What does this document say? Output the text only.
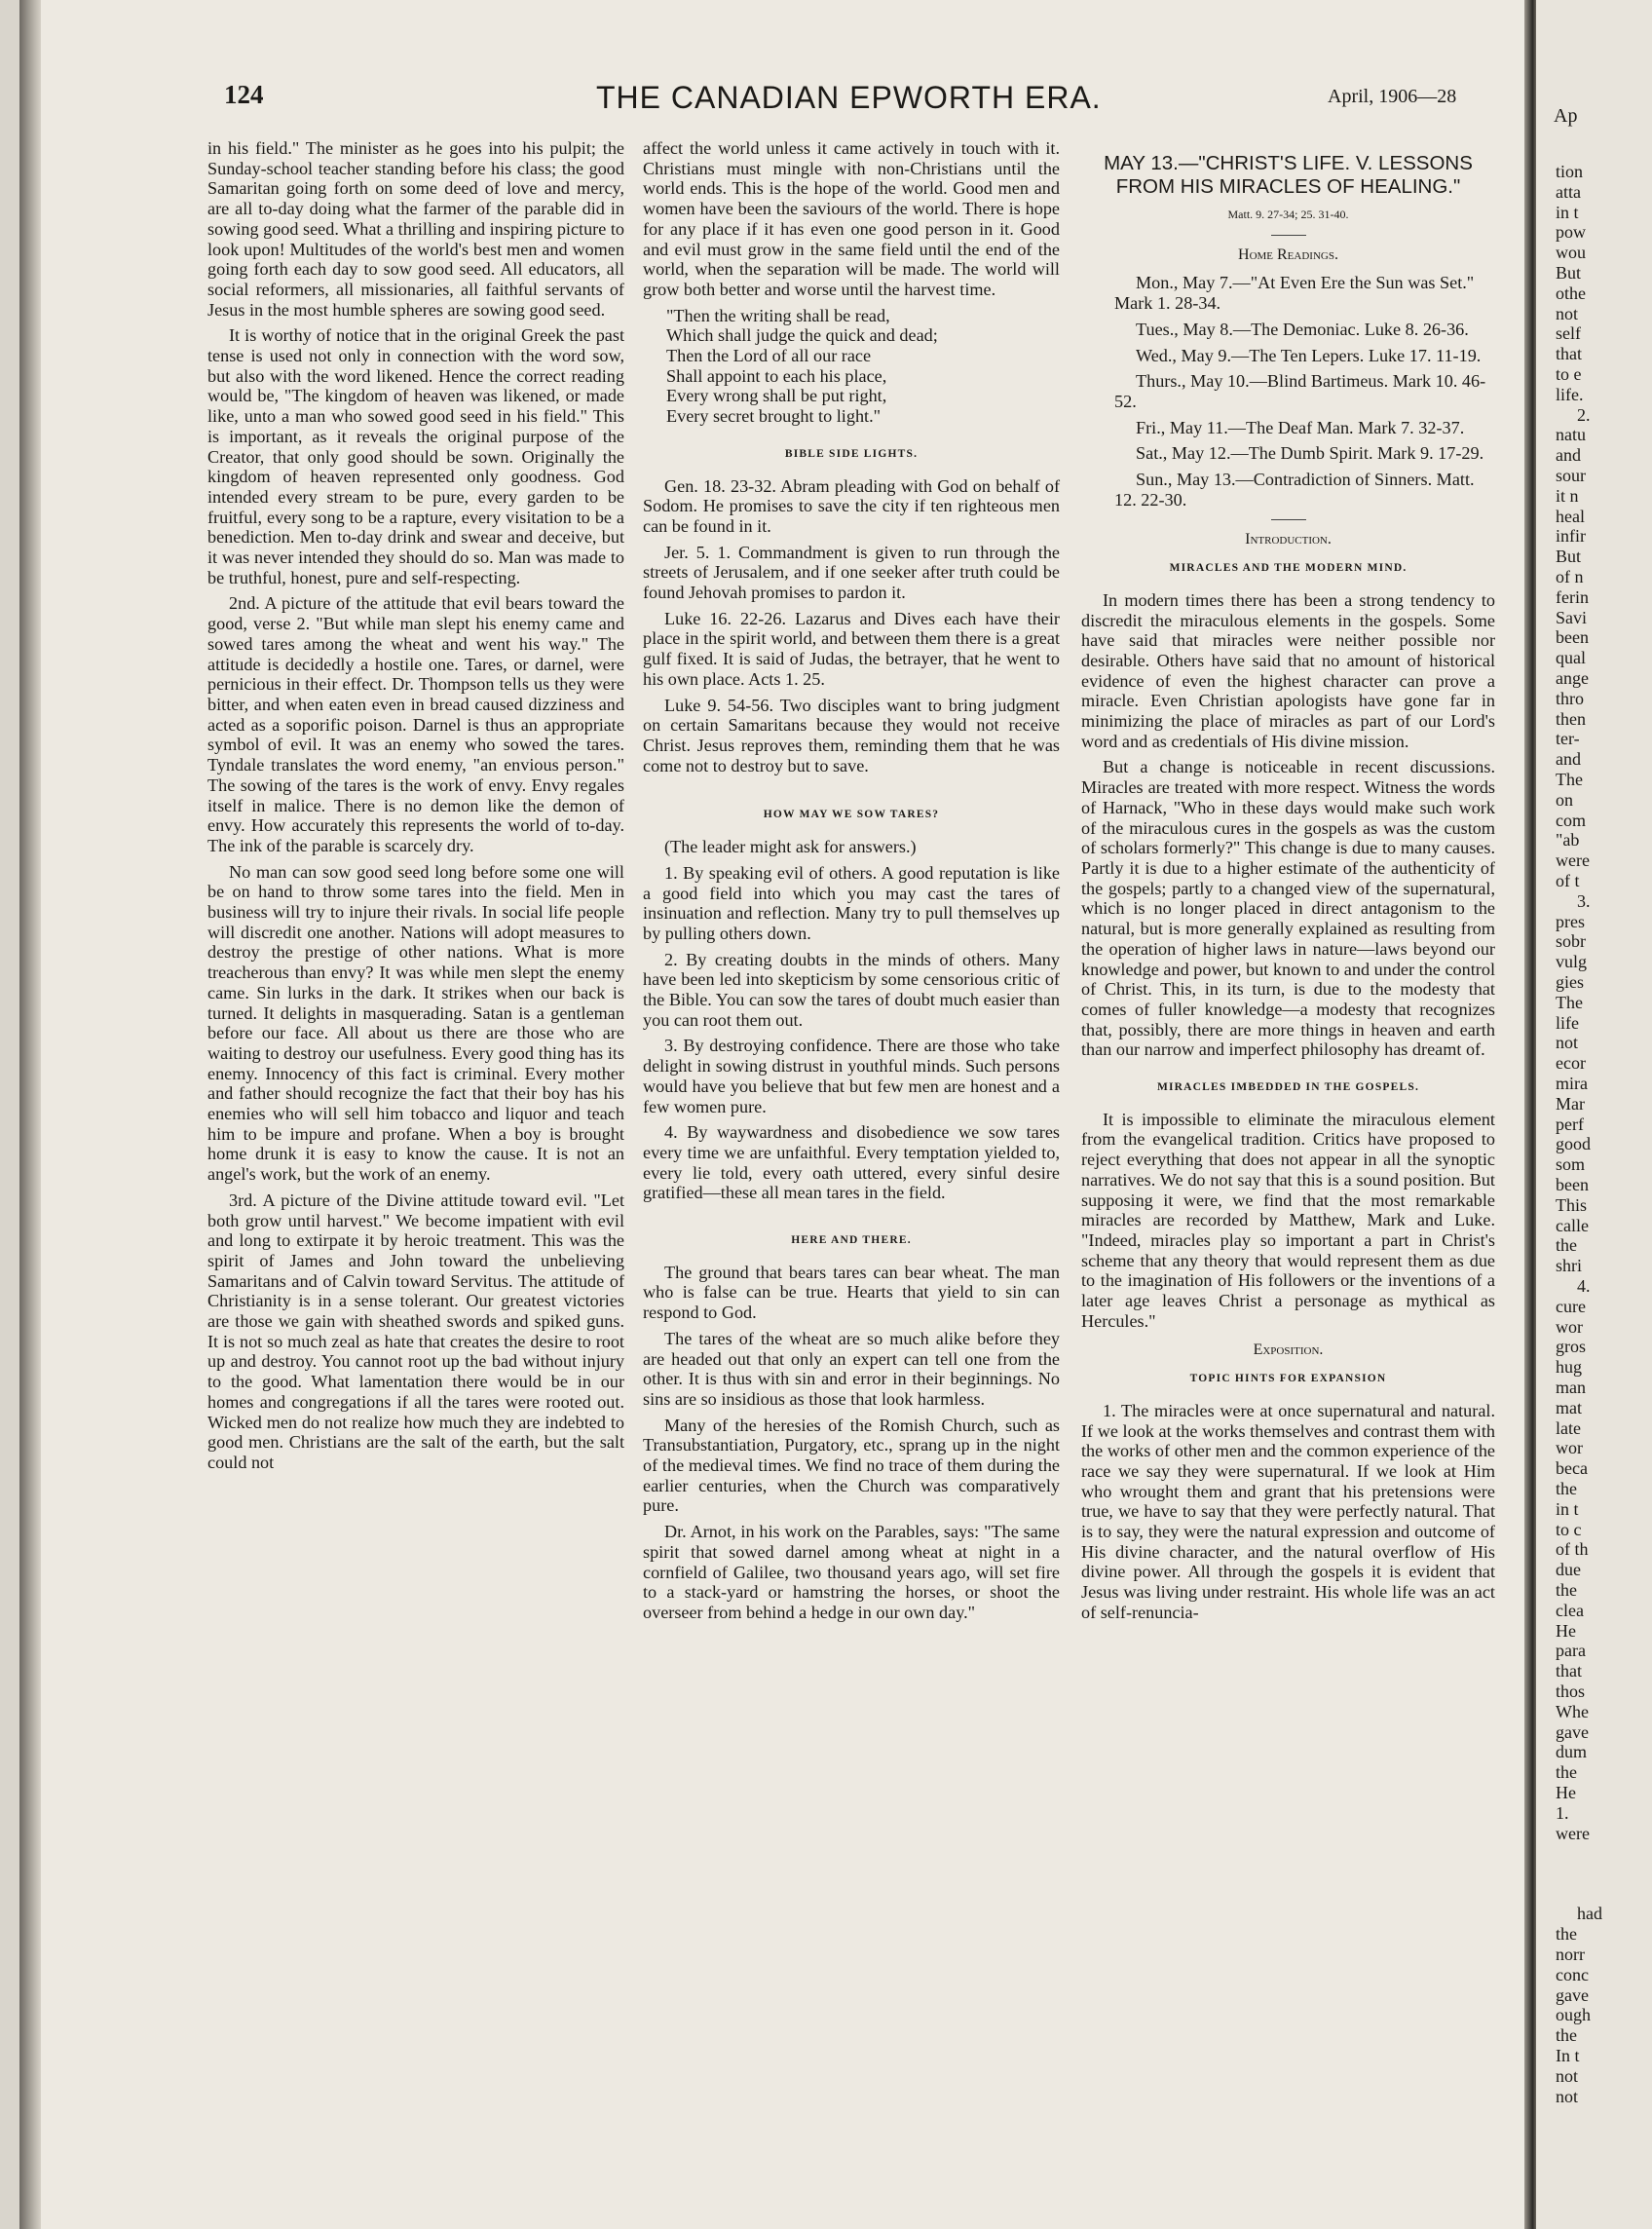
124	THE CANADIAN EPWORTH ERA.	April, 1906—28

in his field." The minister as he goes into his pulpit; the Sunday-school teacher standing before his class; the good Samaritan going forth on some deed of love and mercy, are all to-day doing what the farmer of the parable did in sowing good seed. What a thrilling and inspiring picture to look upon! Multitudes of the world's best men and women going forth each day to sow good seed. All educators, all social reformers, all missionaries, all faithful servants of Jesus in the most humble spheres are sowing good seed.

It is worthy of notice that in the original Greek the past tense is used not only in connection with the word sow, but also with the word likened. Hence the correct reading would be, "The kingdom of heaven was likened, or made like, unto a man who sowed good seed in his field." This is important, as it reveals the original purpose of the Creator, that only good should be sown. Originally the kingdom of heaven represented only goodness. God intended every stream to be pure, every garden to be fruitful, every song to be a rapture, every visitation to be a benediction. Men to-day drink and swear and deceive, but it was never intended they should do so. Man was made to be truthful, honest, pure and self-respecting.

2nd. A picture of the attitude that evil bears toward the good, verse 2. "But while man slept his enemy came and sowed tares among the wheat and went his way." The attitude is decidedly a hostile one. Tares, or darnel, were pernicious in their effect. Dr. Thompson tells us they were bitter, and when eaten even in bread caused dizziness and acted as a soporific poison. Darnel is thus an appropriate symbol of evil. It was an enemy who sowed the tares. Tyndale translates the word enemy, "an envious person." The sowing of the tares is the work of envy. Envy regales itself in malice. There is no demon like the demon of envy. How accurately this represents the world of to-day. The ink of the parable is scarcely dry.

No man can sow good seed long before some one will be on hand to throw some tares into the field. Men in business will try to injure their rivals. In social life people will discredit one another. Nations will adopt measures to destroy the prestige of other nations. What is more treacherous than envy? It was while men slept the enemy came. Sin lurks in the dark. It strikes when our back is turned. It delights in masquerading. Satan is a gentleman before our face. All about us there are those who are waiting to destroy our usefulness. Every good thing has its enemy. Innocency of this fact is criminal. Every mother and father should recognize the fact that their boy has his enemies who will sell him tobacco and liquor and teach him to be impure and profane. When a boy is brought home drunk it is easy to know the cause. It is not an angel's work, but the work of an enemy.

3rd. A picture of the Divine attitude toward evil. "Let both grow until harvest." We become impatient with evil and long to extirpate it by heroic treatment. This was the spirit of James and John toward the unbelieving Samaritans and of Calvin toward Servitus. The attitude of Christianity is in a sense tolerant. Our greatest victories are those we gain with sheathed swords and spiked guns. It is not so much zeal as hate that creates the desire to root up and destroy. You cannot root up the bad without injury to the good. What lamentation there would be in our homes and congregations if all the tares were rooted out. Wicked men do not realize how much they are indebted to good men. Christians are the salt of the earth, but the salt could not

affect the world unless it came actively in touch with it. Christians must mingle with non-Christians until the world ends. This is the hope of the world. Good men and women have been the saviours of the world. There is hope for any place if it has even one good person in it. Good and evil must grow in the same field until the end of the world, when the separation will be made. The world will grow both better and worse until the harvest time.

"Then the writing shall be read,
Which shall judge the quick and dead;
Then the Lord of all our race
Shall appoint to each his place,
Every wrong shall be put right,
Every secret brought to light."
BIBLE SIDE LIGHTS.

Gen. 18. 23-32. Abram pleading with God on behalf of Sodom. He promises to save the city if ten righteous men can be found in it.

Jer. 5. 1. Commandment is given to run through the streets of Jerusalem, and if one seeker after truth could be found Jehovah promises to pardon it.

Luke 16. 22-26. Lazarus and Dives each have their place in the spirit world, and between them there is a great gulf fixed. It is said of Judas, the betrayer, that he went to his own place. Acts 1. 25.

Luke 9. 54-56. Two disciples want to bring judgment on certain Samaritans because they would not receive Christ. Jesus reproves them, reminding them that he was come not to destroy but to save.

HOW MAY WE SOW TARES?

(The leader might ask for answers.)

1. By speaking evil of others. A good reputation is like a good field into which you may cast the tares of insinuation and reflection. Many try to pull themselves up by pulling others down.

2. By creating doubts in the minds of others. Many have been led into skepticism by some censorious critic of the Bible. You can sow the tares of doubt much easier than you can root them out.

3. By destroying confidence. There are those who take delight in sowing distrust in youthful minds. Such persons would have you believe that but few men are honest and a few women pure.

4. By waywardness and disobedience we sow tares every time we are unfaithful. Every temptation yielded to, every lie told, every oath uttered, every sinful desire gratified—these all mean tares in the field.

HERE AND THERE.

The ground that bears tares can bear wheat. The man who is false can be true. Hearts that yield to sin can respond to God.

The tares of the wheat are so much alike before they are headed out that only an expert can tell one from the other. It is thus with sin and error in their beginnings. No sins are so insidious as those that look harmless.

Many of the heresies of the Romish Church, such as Transubstantiation, Purgatory, etc., sprang up in the night of the medieval times. We find no trace of them during the earlier centuries, when the Church was comparatively pure.

Dr. Arnot, in his work on the Parables, says: "The same spirit that sowed darnel among wheat at night in a cornfield of Galilee, two thousand years ago, will set fire to a stack-yard or hamstring the horses, or shoot the overseer from behind a hedge in our own day."

MAY 13.—"CHRIST'S LIFE. V. LESSONS FROM HIS MIRACLES OF HEALING."
Matt. 9. 27-34; 25. 31-40.
Home Readings.

Mon., May 7.—"At Even Ere the Sun was Set." Mark 1. 28-34.

Tues., May 8.—The Demoniac. Luke 8. 26-36.

Wed., May 9.—The Ten Lepers. Luke 17. 11-19.

Thurs., May 10.—Blind Bartimeus. Mark 10. 46-52.

Fri., May 11.—The Deaf Man. Mark 7. 32-37.

Sat., May 12.—The Dumb Spirit. Mark 9. 17-29.

Sun., May 13.—Contradiction of Sinners. Matt. 12. 22-30.

Introduction.
MIRACLES AND THE MODERN MIND.

In modern times there has been a strong tendency to discredit the miraculous elements in the gospels. Some have said that miracles were neither possible nor desirable. Others have said that no amount of historical evidence of even the highest character can prove a miracle. Even Christian apologists have gone far in minimizing the place of miracles as part of our Lord's word and as credentials of His divine mission.

But a change is noticeable in recent discussions. Miracles are treated with more respect. Witness the words of Harnack, "Who in these days would make such work of the miraculous cures in the gospels as was the custom of scholars formerly?" This change is due to many causes. Partly it is due to a higher estimate of the authenticity of the gospels; partly to a changed view of the supernatural, which is no longer placed in direct antagonism to the natural, but is more generally explained as resulting from the operation of higher laws in nature—laws beyond our knowledge and power, but known to and under the control of Christ. This, in its turn, is due to the modesty that comes of fuller knowledge—a modesty that recognizes that, possibly, there are more things in heaven and earth than our narrow and imperfect philosophy has dreamt of.

MIRACLES IMBEDDED IN THE GOSPELS.

It is impossible to eliminate the miraculous element from the evangelical tradition. Critics have proposed to reject everything that does not appear in all the synoptic narratives. We do not say that this is a sound position. But supposing it were, we find that the most remarkable miracles are recorded by Matthew, Mark and Luke. "Indeed, miracles play so important a part in Christ's scheme that any theory that would represent them as due to the imagination of His followers or the inventions of a later age leaves Christ a personage as mythical as Hercules."

Exposition.
TOPIC HINTS FOR EXPANSION

1. The miracles were at once supernatural and natural. If we look at the works themselves and contrast them with the works of other men and the common experience of the race we say they were supernatural. If we look at Him who wrought them and grant that his pretensions were true, we have to say that they were perfectly natural. That is to say, they were the natural expression and outcome of His divine character, and the natural overflow of His divine power. All through the gospels it is evident that Jesus was living under restraint. His whole life was an act of self-renuncia-

Ap
tion
atta
in t
pow
wou
But
othe
not
self
that
to e
life.
2.
natu
and
sour
it n
heal
infir
But
of n
ferin
Savi
been
qual
ange
thro
then
ter-
and
The
on
com
"ab
were
of t
3.
pres
sobr
vulg
gies
The
life
not
ecor
mira
Mar
perf
good
som
been
This
calle
the
shri
4.
cure
wor
gros
hug
man
mat
late
wor
beca
the
in t
to c
of th
due
the
clea
He
para
that
thos
Whe
gave
dum
the
He
1.
were
had
the
norr
conc
gave
ough
the
In t
not
not
